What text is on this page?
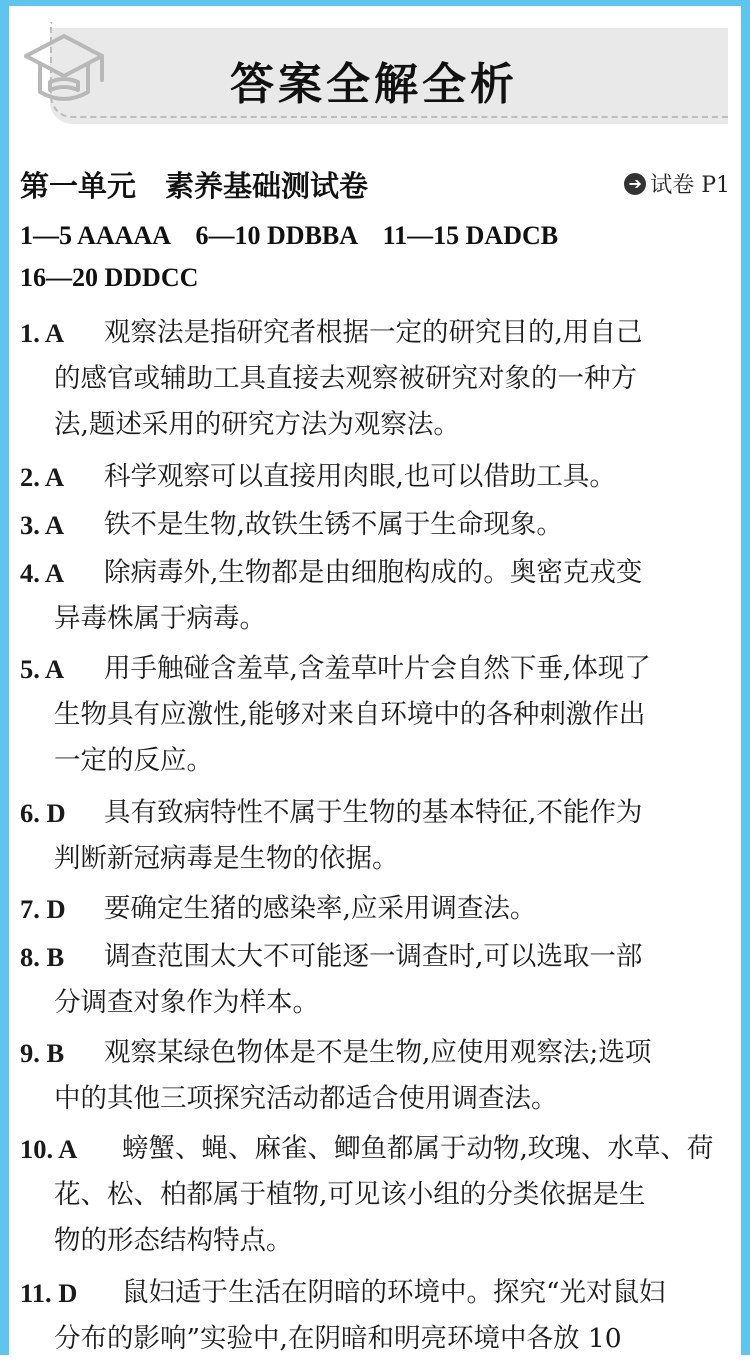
答案全解全析
第一单元　素养基础测试卷	➔ 试卷 P1
1—5 AAAAA　6—10 DDBBA　11—15 DADCB
16—20 DDDCC
1. A 观察法是指研究者根据一定的研究目的,用自己
的感官或辅助工具直接去观察被研究对象的一种方
法,题述采用的研究方法为观察法。
2. A 科学观察可以直接用肉眼,也可以借助工具。
3. A 铁不是生物,故铁生锈不属于生命现象。
4. A 除病毒外,生物都是由细胞构成的。奥密克戎变
异毒株属于病毒。
5. A 用手触碰含羞草,含羞草叶片会自然下垂,体现了
生物具有应激性,能够对来自环境中的各种刺激作出
一定的反应。
6. D 具有致病特性不属于生物的基本特征,不能作为
判断新冠病毒是生物的依据。
7. D 要确定生猪的感染率,应采用调查法。
8. B 调查范围太大不可能逐一调查时,可以选取一部
分调查对象作为样本。
9. B 观察某绿色物体是不是生物,应使用观察法;选项
中的其他三项探究活动都适合使用调查法。
10. A 螃蟹、蝇、麻雀、鲫鱼都属于动物,玫瑰、水草、荷
花、松、柏都属于植物,可见该小组的分类依据是生
物的形态结构特点。
11. D 鼠妇适于生活在阴暗的环境中。探究“光对鼠妇
分布的影响”实验中,在阴暗和明亮环境中各放 10
